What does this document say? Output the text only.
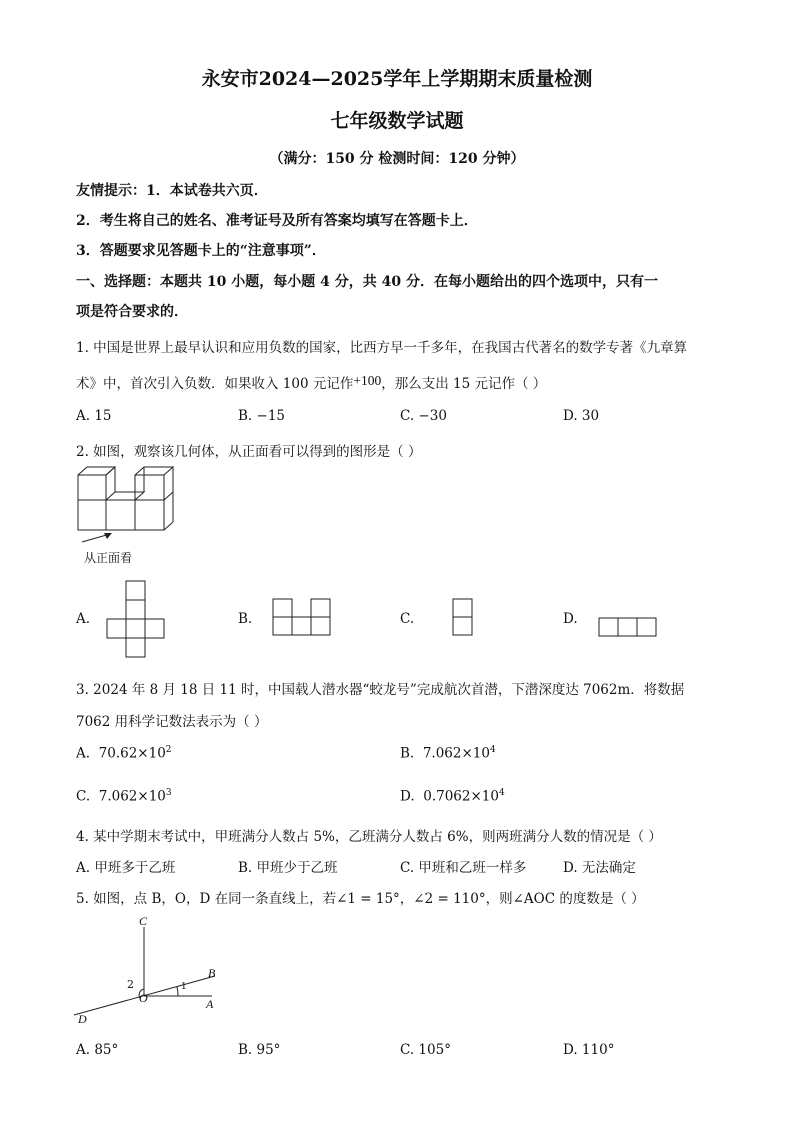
永安市2024—2025学年上学期期末质量检测
七年级数学试题
（满分：150 分 检测时间：120 分钟）
友情提示：1．本试卷共六页．
2．考生将自己的姓名、准考证号及所有答案均填写在答题卡上．
3．答题要求见答题卡上的“注意事项”．
一、选择题：本题共 10 小题，每小题 4 分，共 40 分．在每小题给出的四个选项中，只有一
项是符合要求的．
1. 中国是世界上最早认识和应用负数的国家，比西方早一千多年，在我国古代著名的数学专著《九章算
术》中，首次引入负数．如果收入 100 元记作+100，那么支出 15 元记作（ ）
A. 15	B. −15	C. −30	D. 30
2. 如图，观察该几何体，从正面看可以得到的图形是（ ）
从正面看
A.	B.	C.	D.
3. 2024 年 8 月 18 日 11 时，中国载人潜水器“蛟龙号”完成航次首潜，下潜深度达 7062m．将数据
7062 用科学记数法表示为（ ）
A. $70.62\times 10^2$	B. $7.062\times 10^4$
C. $7.062\times 10^3$	D. $0.7062\times 10^4$
4. 某中学期末考试中，甲班满分人数占 5%，乙班满分人数占 6%，则两班满分人数的情况是（ ）
A. 甲班多于乙班	B. 甲班少于乙班	C. 甲班和乙班一样多	D. 无法确定
5. 如图，点 B，O，D 在同一条直线上，若∠1 = 15°，∠2 = 110°，则∠AOC 的度数是（ ）
C
B
O	A
D
2	1
A. 85°	B. 95°	C. 105°	D. 110°
